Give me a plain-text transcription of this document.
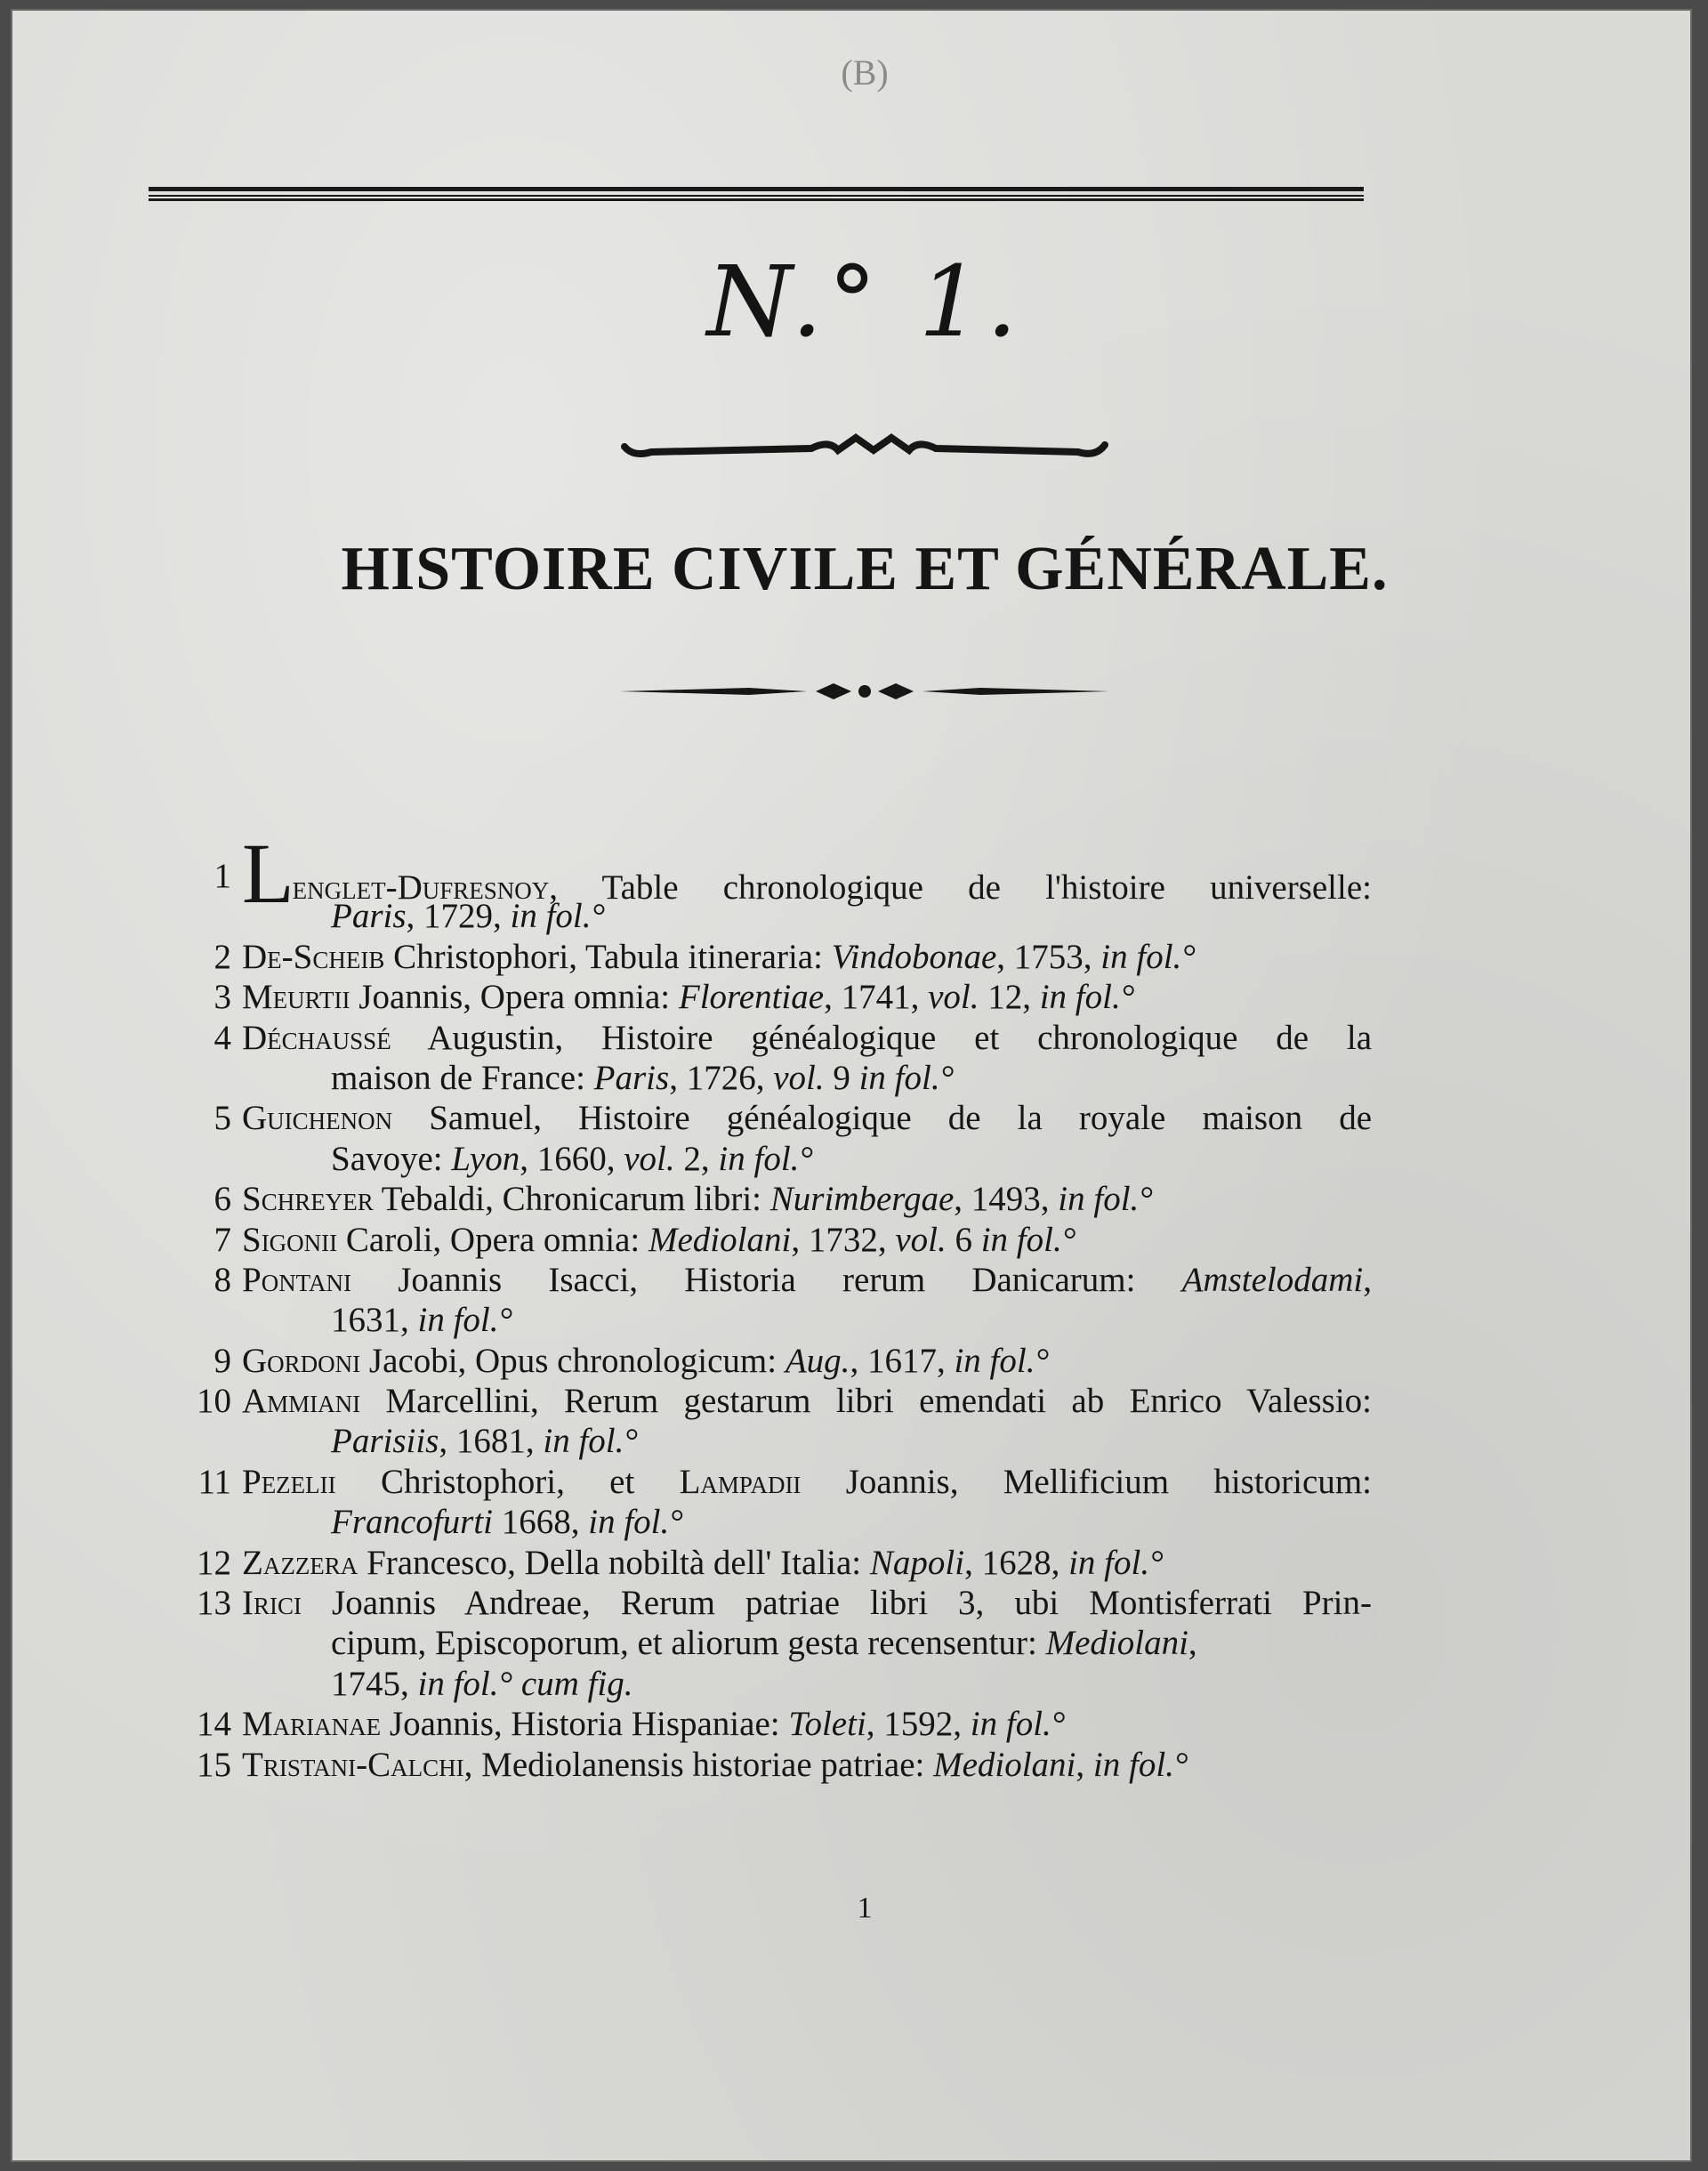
(B)
N.° 1.
HISTOIRE CIVILE ET GÉNÉRALE.
1 Lenglet-Dufresnoy, Table chronologique de l'histoire universelle:
Paris, 1729, in fol.°
2 De-Scheib Christophori, Tabula itineraria: Vindobonae, 1753, in fol.°
3 Meurtii Joannis, Opera omnia: Florentiae, 1741, vol. 12, in fol.°
4 Déchaussé Augustin, Histoire généalogique et chronologique de la
maison de France: Paris, 1726, vol. 9 in fol.°
5 Guichenon Samuel, Histoire généalogique de la royale maison de
Savoye: Lyon, 1660, vol. 2, in fol.°
6 Schreyer Tebaldi, Chronicarum libri: Nurimbergae, 1493, in fol.°
7 Sigonii Caroli, Opera omnia: Mediolani, 1732, vol. 6 in fol.°
8 Pontani Joannis Isacci, Historia rerum Danicarum: Amstelodami,
1631, in fol.°
9 Gordoni Jacobi, Opus chronologicum: Aug., 1617, in fol.°
10 Ammiani Marcellini, Rerum gestarum libri emendati ab Enrico Valessio:
Parisiis, 1681, in fol.°
11 Pezelii Christophori, et Lampadii Joannis, Mellificium historicum:
Francofurti 1668, in fol.°
12 Zazzera Francesco, Della nobiltà dell' Italia: Napoli, 1628, in fol.°
13 Irici Joannis Andreae, Rerum patriae libri 3, ubi Montisferrati Prin-
cipum, Episcoporum, et aliorum gesta recensentur: Mediolani,
1745, in fol.° cum fig.
14 Marianae Joannis, Historia Hispaniae: Toleti, 1592, in fol.°
15 Tristani-Calchi, Mediolanensis historiae patriae: Mediolani, in fol.°
1
